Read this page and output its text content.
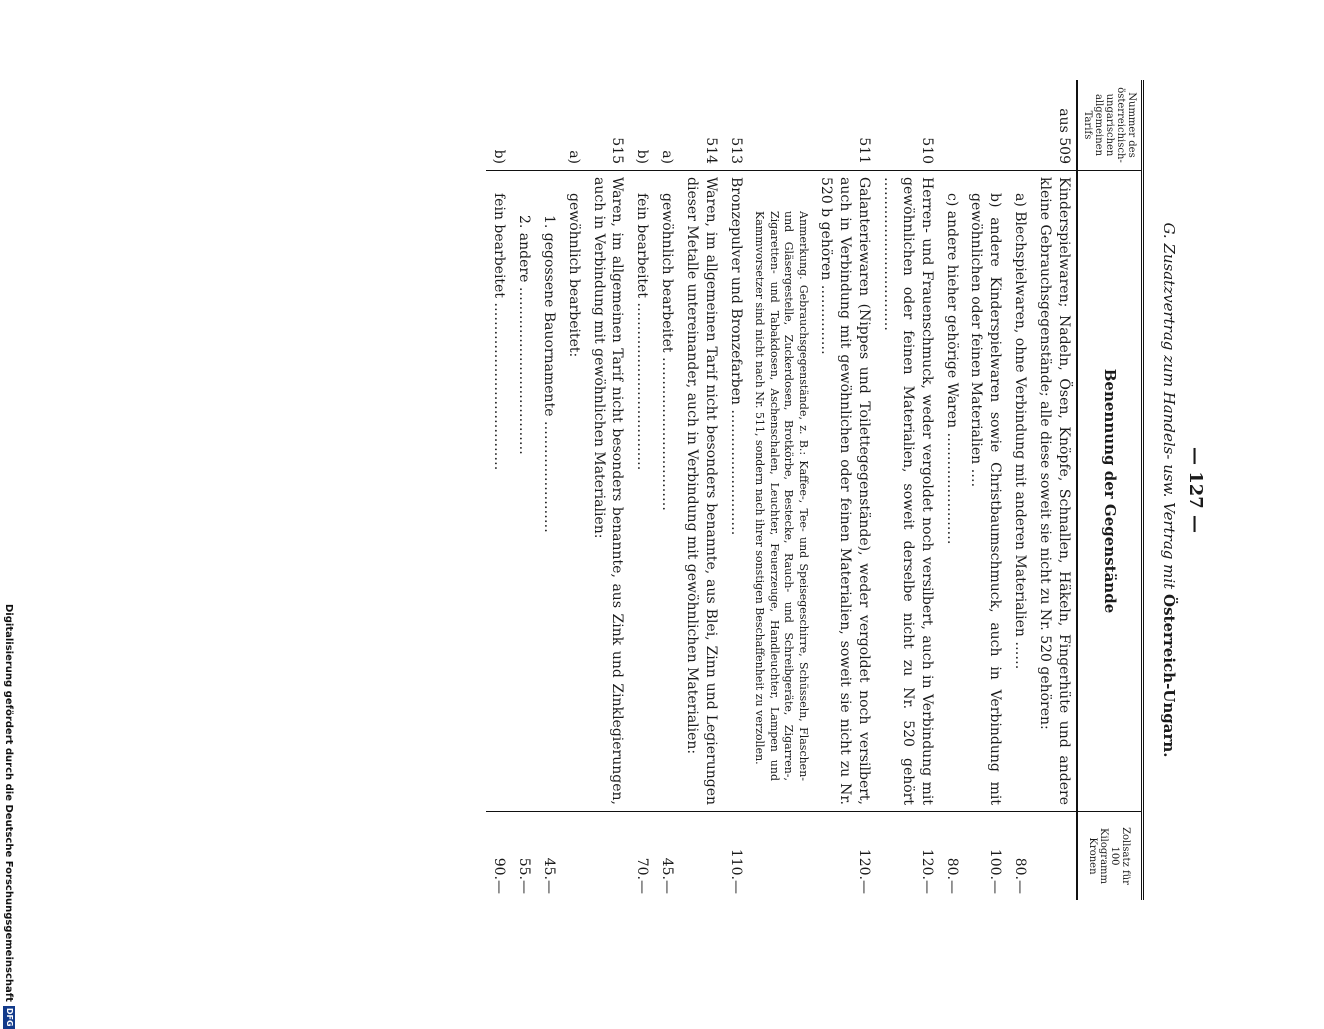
Digitalisierung gefördert durch die Deutsche Forschungsgemeinschaft
DFG
— 127 —
G. Zusatzvertrag zum Handels- usw. Vertrag mit Österreich-Ungarn.
Nummer des österreichisch-ungarischen allgemeinen Tarifs	Benennung der Gegenstände	Zollsatz für 100 Kilogramm Kronen
aus 509	Kinderspielwaren; Nadeln, Ösen, Knöpfe, Schnallen, Häkeln, Fingerhüte und andere kleine Gebrauchsgegenstände; alle diese soweit sie nicht zu Nr. 520 gehören:	
	a) Blechspielwaren, ohne Verbindung mit anderen Materialien ……	80.—
	b) andere Kinderspielwaren sowie Christbaumschmuck, auch in Verbindung mit gewöhnlichen oder feinen Materialien ….	100.—
	c) andere hieher gehörige Waren ……………………	80.—
510	Herren- und Frauenschmuck, weder vergoldet noch versilbert, auch in Verbindung mit gewöhnlichen oder feinen Materialien, soweit derselbe nicht zu Nr. 520 gehört ……………………………	120.—
511	Galanteriewaren (Nippes und Toilettegegenstände), weder vergoldet noch versilbert, auch in Verbindung mit gewöhnlichen oder feinen Materialien, soweit sie nicht zu Nr. 520 b gehören ……………	120.—
	Anmerkung. Gebrauchsgegenstände, z. B.: Kaffee-, Tee- und Speisegeschirre, Schüsseln, Flaschen- und Gläsergestelle, Zuckerdosen, Brotkörbe, Bestecke, Rauch- und Schreibgeräte, Zigarren-, Zigaretten- und Tabakdosen, Aschenschalen, Leuchter, Feuerzeuge, Handleuchter, Lampen und Kammvorsetzer sind nicht nach Nr. 511, sondern nach ihrer sonstigen Beschaffenheit zu verzollen.	
513	Bronzepulver und Bronzefarben ………………………	110.—
514	Waren, im allgemeinen Tarif nicht besonders benannte, aus Blei, Zinn und Legierungen dieser Metalle untereinander, auch in Verbindung mit gewöhnlichen Materialien:	
a)	gewöhnlich bearbeitet ……………………………	45.—
b)	fein bearbeitet ………………………………	70.—
515	Waren, im allgemeinen Tarif nicht besonders benannte, aus Zink und Zinklegierungen, auch in Verbindung mit gewöhnlichen Materialien:	
a)	gewöhnlich bearbeitet:	
	1. gegossene Bauornamente ……………………	45.—
	2. andere ………………………………	55.—
b)	fein bearbeitet ………………………………	90.—
